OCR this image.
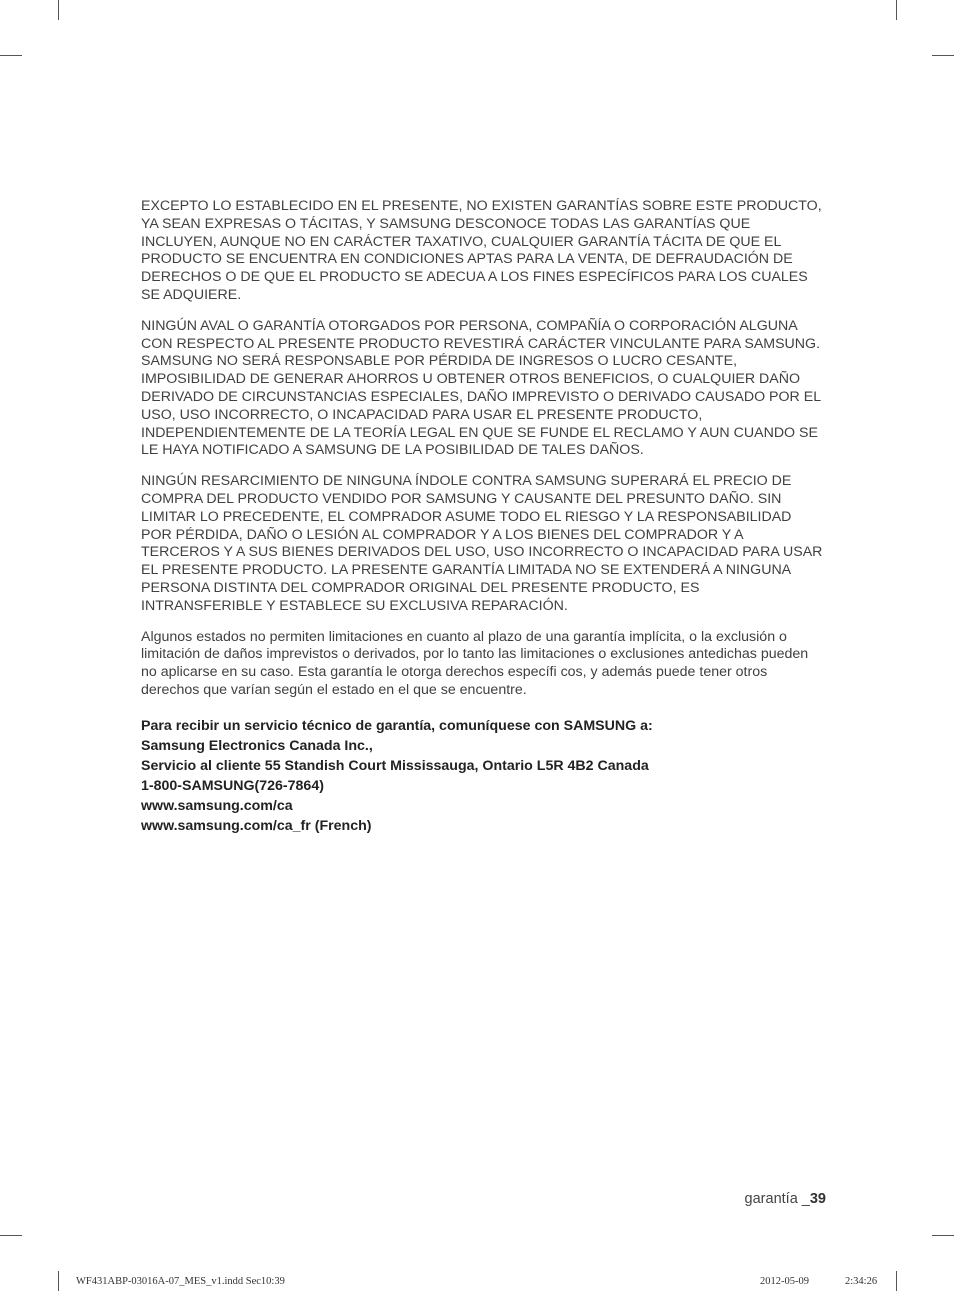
EXCEPTO LO ESTABLECIDO EN EL PRESENTE, NO EXISTEN GARANTÍAS SOBRE ESTE PRODUCTO, YA SEAN EXPRESAS O TÁCITAS, Y SAMSUNG DESCONOCE TODAS LAS GARANTÍAS QUE INCLUYEN, AUNQUE NO EN CARÁCTER TAXATIVO, CUALQUIER GARANTÍA TÁCITA DE QUE EL PRODUCTO SE ENCUENTRA EN CONDICIONES APTAS PARA LA VENTA, DE DEFRAUDACIÓN DE DERECHOS O DE QUE EL PRODUCTO SE ADECUA A LOS FINES ESPECÍFICOS PARA LOS CUALES SE ADQUIERE.

NINGÚN AVAL O GARANTÍA OTORGADOS POR PERSONA, COMPAÑÍA O CORPORACIÓN ALGUNA CON RESPECTO AL PRESENTE PRODUCTO REVESTIRÁ CARÁCTER VINCULANTE PARA SAMSUNG. SAMSUNG NO SERÁ RESPONSABLE POR PÉRDIDA DE INGRESOS O LUCRO CESANTE, IMPOSIBILIDAD DE GENERAR AHORROS U OBTENER OTROS BENEFICIOS, O CUALQUIER DAÑO DERIVADO DE CIRCUNSTANCIAS ESPECIALES, DAÑO IMPREVISTO O DERIVADO CAUSADO POR EL USO, USO INCORRECTO, O INCAPACIDAD PARA USAR EL PRESENTE PRODUCTO, INDEPENDIENTEMENTE DE LA TEORÍA LEGAL EN QUE SE FUNDE EL RECLAMO Y AUN CUANDO SE LE HAYA NOTIFICADO A SAMSUNG DE LA POSIBILIDAD DE TALES DAÑOS.

NINGÚN RESARCIMIENTO DE NINGUNA ÍNDOLE CONTRA SAMSUNG SUPERARÁ EL PRECIO DE COMPRA DEL PRODUCTO VENDIDO POR SAMSUNG Y CAUSANTE DEL PRESUNTO DAÑO. SIN LIMITAR LO PRECEDENTE, EL COMPRADOR ASUME TODO EL RIESGO Y LA RESPONSABILIDAD POR PÉRDIDA, DAÑO O LESIÓN AL COMPRADOR Y A LOS BIENES DEL COMPRADOR Y A TERCEROS Y A SUS BIENES DERIVADOS DEL USO, USO INCORRECTO O INCAPACIDAD PARA USAR EL PRESENTE PRODUCTO. LA PRESENTE GARANTÍA LIMITADA NO SE EXTENDERÁ A NINGUNA PERSONA DISTINTA DEL COMPRADOR ORIGINAL DEL PRESENTE PRODUCTO, ES INTRANSFERIBLE Y ESTABLECE SU EXCLUSIVA REPARACIÓN.

Algunos estados no permiten limitaciones en cuanto al plazo de una garantía implícita, o la exclusión o limitación de daños imprevistos o derivados, por lo tanto las limitaciones o exclusiones antedichas pueden no aplicarse en su caso. Esta garantía le otorga derechos específi cos, y además puede tener otros derechos que varían según el estado en el que se encuentre.

Para recibir un servicio técnico de garantía, comuníquese con SAMSUNG a:
Samsung Electronics Canada Inc.,
Servicio al cliente 55 Standish Court Mississauga, Ontario L5R 4B2 Canada
1-800-SAMSUNG(726-7864)
www.samsung.com/ca
www.samsung.com/ca_fr (French)
garantía _39
WF431ABP-03016A-07_MES_v1.indd Sec10:39	2012-05-09	2:34:26
